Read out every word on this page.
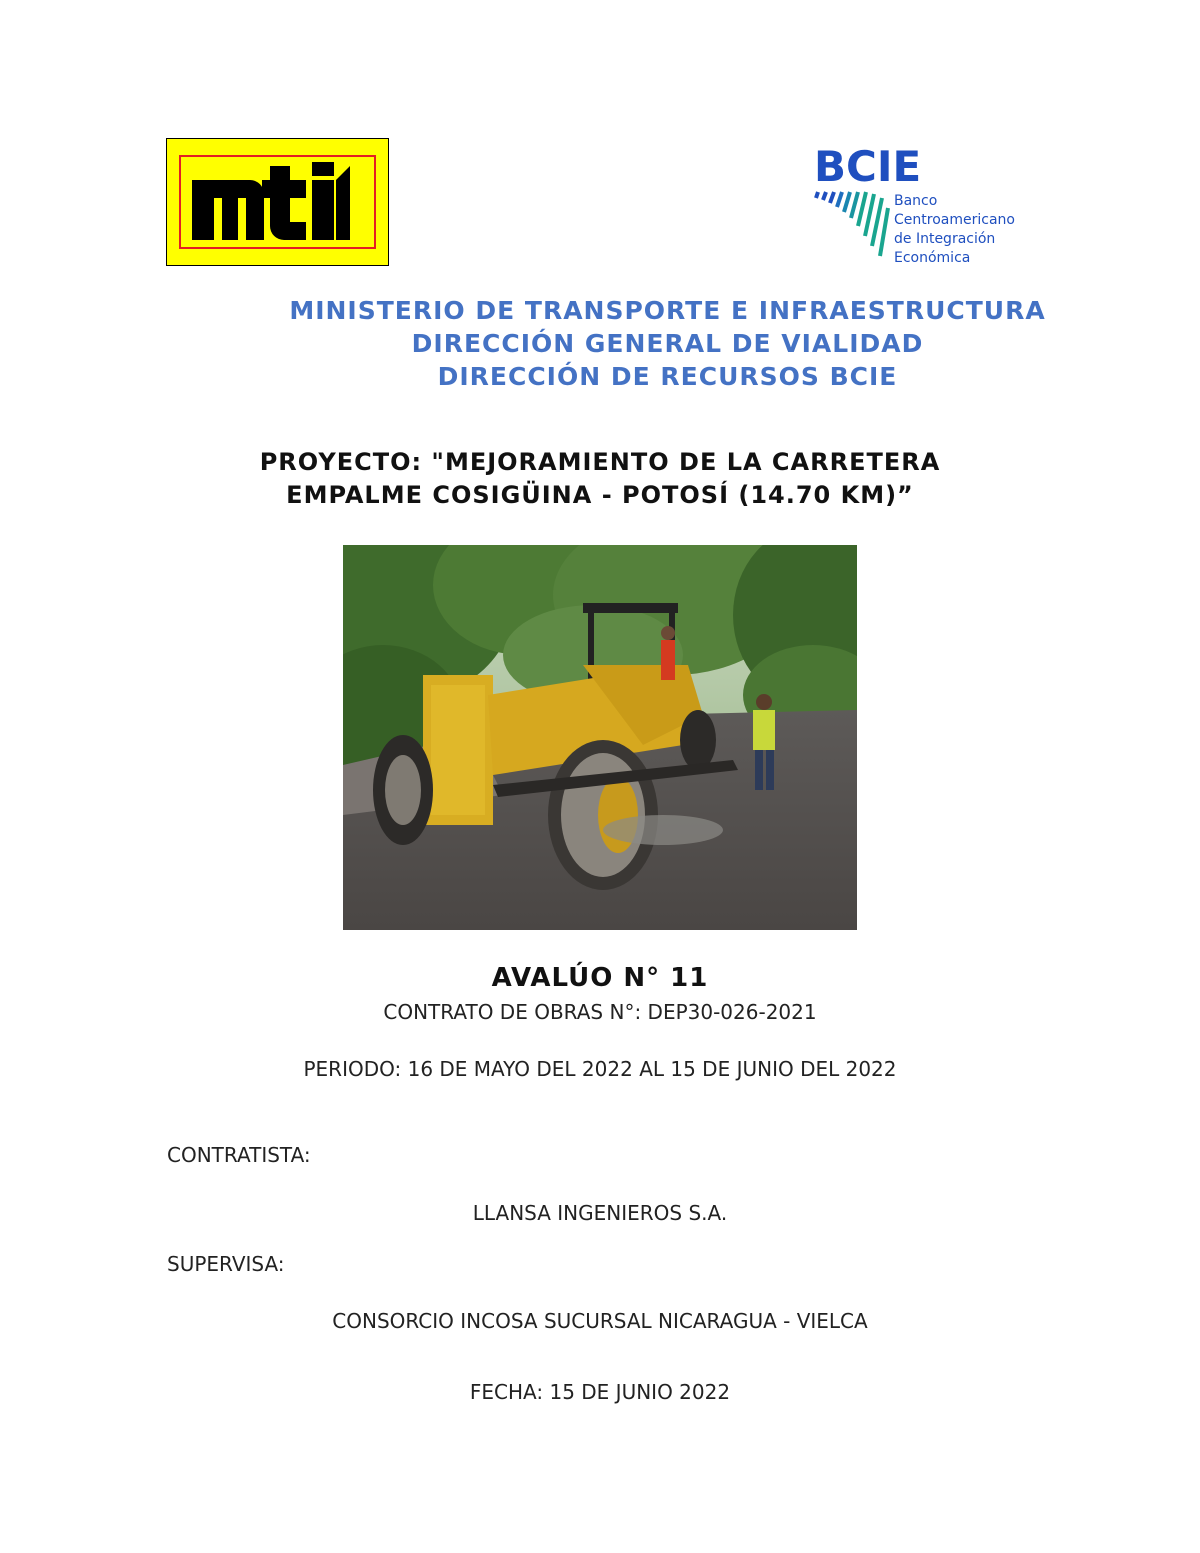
BCIE
Banco
Centroamericano
de Integración
Económica
MINISTERIO DE TRANSPORTE E INFRAESTRUCTURA
DIRECCIÓN GENERAL DE VIALIDAD
DIRECCIÓN DE RECURSOS BCIE
PROYECTO: "MEJORAMIENTO DE LA CARRETERA
EMPALME COSIGÜINA - POTOSÍ (14.70 KM)”
AVALÚO N° 11
CONTRATO DE OBRAS N°: DEP30-026-2021
PERIODO: 16 DE MAYO DEL 2022 AL 15 DE JUNIO DEL 2022
CONTRATISTA:
LLANSA INGENIEROS S.A.
SUPERVISA:
CONSORCIO INCOSA SUCURSAL NICARAGUA - VIELCA
FECHA: 15 DE JUNIO 2022
